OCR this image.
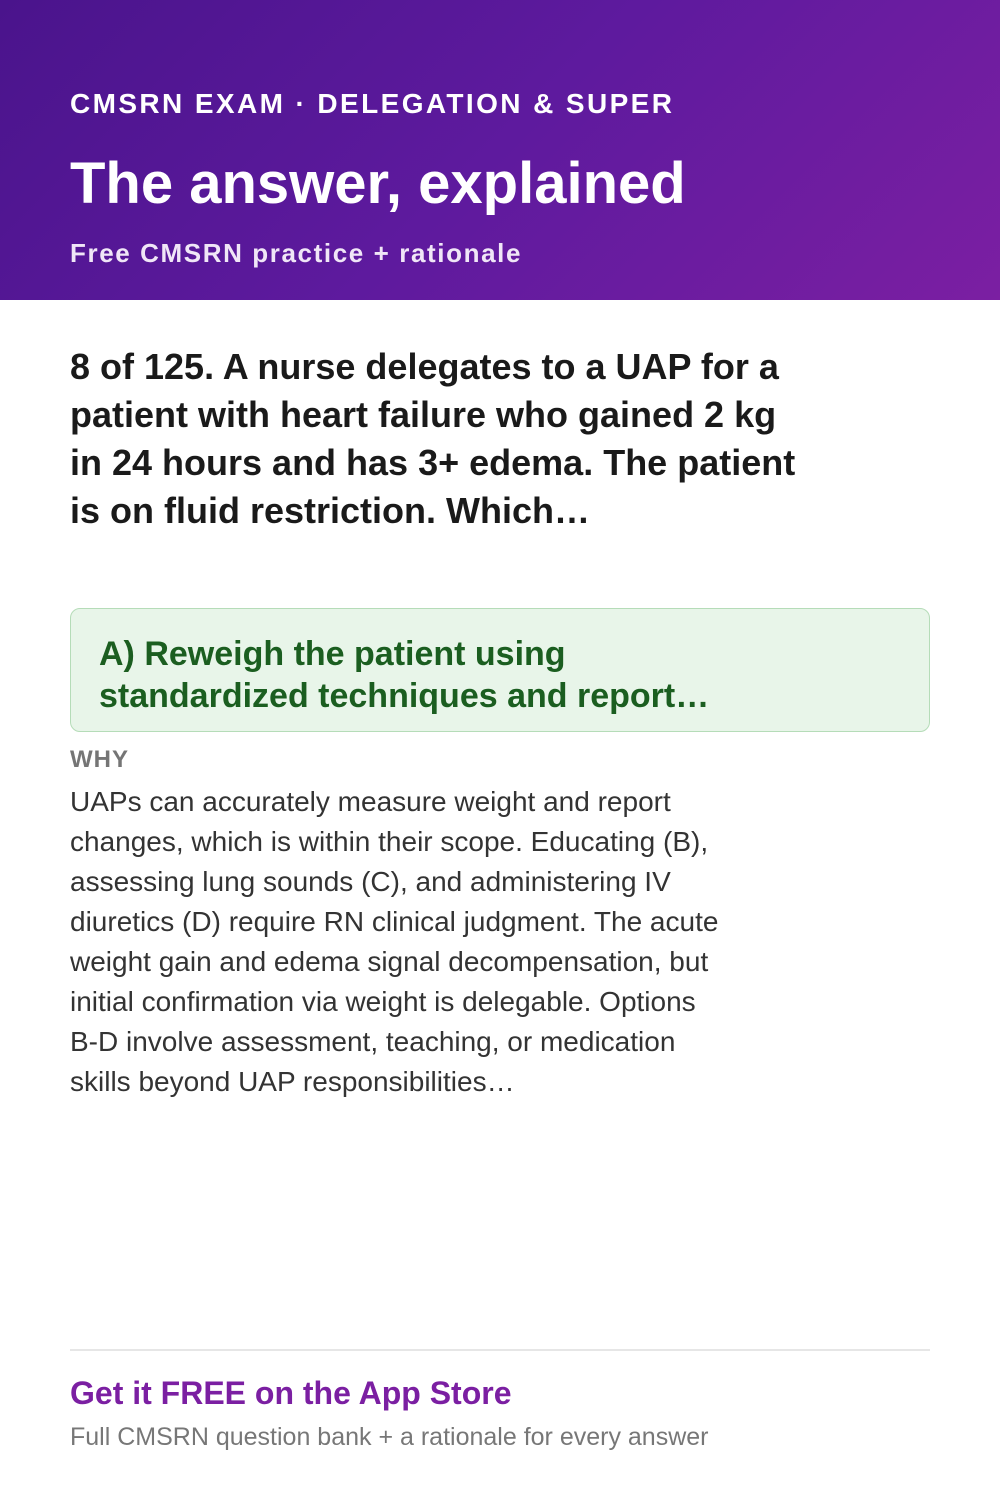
CMSRN EXAM · DELEGATION & SUPER
The answer, explained
Free CMSRN practice + rationale
8 of 125. A nurse delegates to a UAP for a patient with heart failure who gained 2 kg in 24 hours and has 3+ edema. The patient is on fluid restriction. Which…
A) Reweigh the patient using standardized techniques and report…
WHY
UAPs can accurately measure weight and report changes, which is within their scope. Educating (B), assessing lung sounds (C), and administering IV diuretics (D) require RN clinical judgment. The acute weight gain and edema signal decompensation, but initial confirmation via weight is delegable. Options B-D involve assessment, teaching, or medication skills beyond UAP responsibilities…
Get it FREE on the App Store
Full CMSRN question bank + a rationale for every answer
